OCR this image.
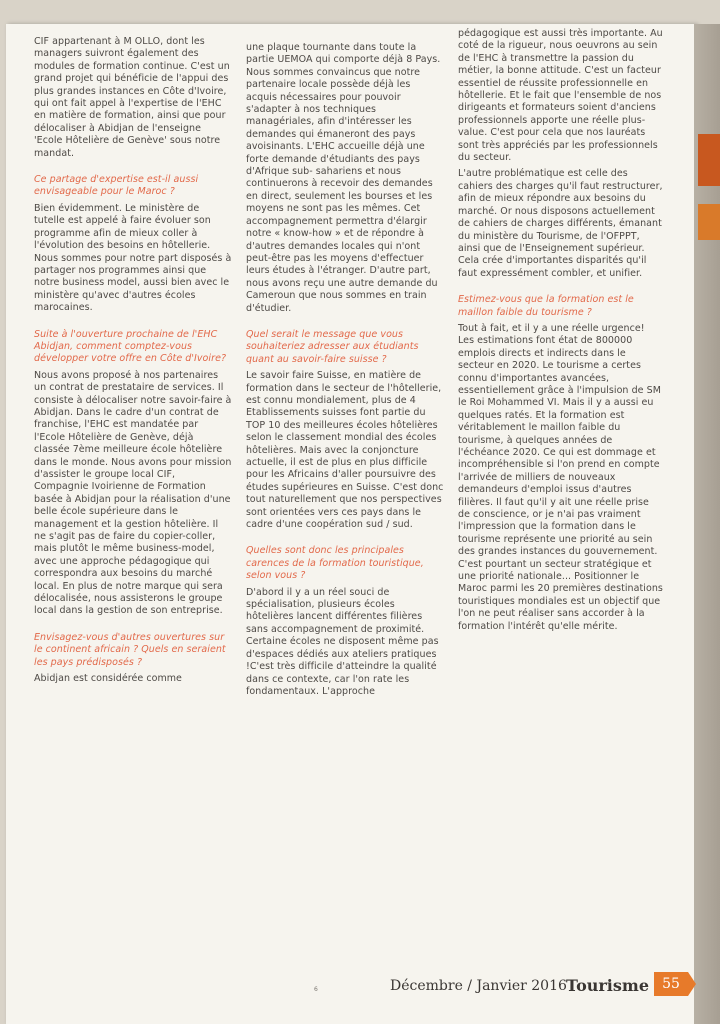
CIF appartenant à M OLLO, dont les managers suivront également des modules de formation continue. C'est un grand projet qui bénéficie de l'appui des plus grandes instances en Côte d'Ivoire, qui ont fait appel à l'expertise de l'EHC en matière de formation, ainsi que pour délocaliser à Abidjan de l'enseigne 'Ecole Hôtelière de Genève' sous notre mandat.

Ce partage d'expertise est-il aussi envisageable pour le Maroc ?

Bien évidemment. Le ministère de tutelle est appelé à faire évoluer son programme afin de mieux coller à l'évolution des besoins en hôtellerie. Nous sommes pour notre part disposés à partager nos programmes ainsi que notre business model, aussi bien avec le ministère qu'avec d'autres écoles marocaines.

Suite à l'ouverture prochaine de l'EHC Abidjan, comment comptez-vous développer votre offre en Côte d'Ivoire?

Nous avons proposé à nos partenaires un contrat de prestataire de services. Il consiste à délocaliser notre savoir-faire à Abidjan. Dans le cadre d'un contrat de franchise, l'EHC est mandatée par l'Ecole Hôtelière de Genève, déjà classée 7ème meilleure école hôtelière dans le monde. Nous avons pour mission d'assister le groupe local CIF, Compagnie Ivoirienne de Formation basée à Abidjan pour la réalisation d'une belle école supérieure dans le management et la gestion hôtelière. Il ne s'agit pas de faire du copier-coller, mais plutôt le même business-model, avec une approche pédagogique qui correspondra aux besoins du marché local. En plus de notre marque qui sera délocalisée, nous assisterons le groupe local dans la gestion de son entreprise.

Envisagez-vous d'autres ouvertures sur le continent africain ? Quels en seraient les pays prédisposés ?

Abidjan est considérée comme

une plaque tournante dans toute la partie UEMOA qui comporte déjà 8 Pays. Nous sommes convaincus que notre partenaire locale possède déjà les acquis nécessaires pour pouvoir s'adapter à nos techniques managériales, afin d'intéresser les demandes qui émaneront des pays avoisinants. L'EHC accueille déjà une forte demande d'étudiants des pays d'Afrique sub- sahariens et nous continuerons à recevoir des demandes en direct, seulement les bourses et les moyens ne sont pas les mêmes. Cet accompagnement permettra d'élargir notre « know-how » et de répondre à d'autres demandes locales qui n'ont peut-être pas les moyens d'effectuer leurs études à l'étranger. D'autre part, nous avons reçu une autre demande du Cameroun que nous sommes en train d'étudier.

Quel serait le message que vous souhaiteriez adresser aux étudiants quant au savoir-faire suisse ?

Le savoir faire Suisse, en matière de formation dans le secteur de l'hôtellerie, est connu mondialement, plus de 4 Etablissements suisses font partie du TOP 10 des meilleures écoles hôtelières selon le classement mondial des écoles hôtelières. Mais avec la conjoncture actuelle, il est de plus en plus difficile pour les Africains d'aller poursuivre des études supérieures en Suisse. C'est donc tout naturellement que nos perspectives sont orientées vers ces pays dans le cadre d'une coopération sud / sud.

Quelles sont donc les principales carences de la formation touristique, selon vous ?

D'abord il y a un réel souci de spécialisation, plusieurs écoles hôtelières lancent différentes filières sans accompagnement de proximité. Certaine écoles ne disposent même pas d'espaces dédiés aux ateliers pratiques !C'est très difficile d'atteindre la qualité dans ce contexte, car l'on rate les fondamentaux. L'approche

pédagogique est aussi très importante. Au coté de la rigueur, nous oeuvrons au sein de l'EHC à transmettre la passion du métier, la bonne attitude. C'est un facteur essentiel de réussite professionnelle en hôtellerie. Et le fait que l'ensemble de nos dirigeants et formateurs soient d'anciens professionnels apporte une réelle plus-value. C'est pour cela que nos lauréats sont très appréciés par les professionnels du secteur.

L'autre problématique est celle des cahiers des charges qu'il faut restructurer, afin de mieux répondre aux besoins du marché. Or nous disposons actuellement de cahiers de charges différents, émanant du ministère du Tourisme, de l'OFPPT, ainsi que de l'Enseignement supérieur. Cela crée d'importantes disparités qu'il faut expressément combler, et unifier.

Estimez-vous que la formation est le maillon faible du tourisme ?

Tout à fait, et il y a une réelle urgence! Les estimations font état de 800000 emplois directs et indirects dans le secteur en 2020. Le tourisme a certes connu d'importantes avancées, essentiellement grâce à l'impulsion de SM le Roi Mohammed VI. Mais il y a aussi eu quelques ratés. Et la formation est véritablement le maillon faible du tourisme, à quelques années de l'échéance 2020. Ce qui est dommage et incompréhensible si l'on prend en compte l'arrivée de milliers de nouveaux demandeurs d'emploi issus d'autres filières. Il faut qu'il y ait une réelle prise de conscience, or je n'ai pas vraiment l'impression que la formation dans le tourisme représente une priorité au sein des grandes instances du gouvernement. C'est pourtant un secteur stratégique et une priorité nationale... Positionner le Maroc parmi les 20 premières destinations touristiques mondiales est un objectif que l'on ne peut réaliser sans accorder à la formation l'intérêt qu'elle mérite.

6	Décembre / Janvier 2016 Tourisme 55
